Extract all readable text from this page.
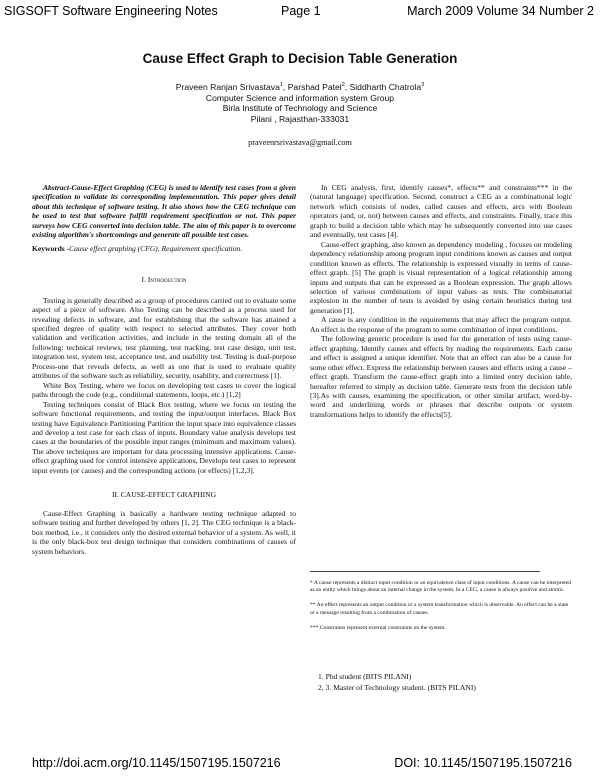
SIGSOFT Software Engineering Notes	Page 1	March 2009 Volume 34 Number 2
Cause Effect Graph to Decision Table Generation
Praveen Ranjan Srivastava$^1$, Parshad Patel$^2$, Siddharth Chatrola$^3$
Computer Science and information system Group
Birla Institute of Technology and Science
Pilani , Rajasthan-333031
praveenrsrivastava@gmail.com

Abstract-Cause-Effect Graphing (CEG) is used to identify test cases from a given specification to validate its corresponding implementation. This paper gives detail about this technique of software testing. It also shows how the CEG technique can be used to test that software fulfill requirement specification or not. This paper surveys how CEG converted into decision table. The aim of this paper is to overcome existing algorithm's shortcomings and generate all possible test cases.

Keywords -Cause effect graphing (CFG), Requirement specification.

I. Introduction

Testing is generally described as a group of procedures carried out to evaluate some aspect of a piece of software. Also Testing can be described as a process used for revealing defects in software, and for establishing that the software has attained a specified degree of quality with respect to selected attributes. They cover both validation and verification activities, and include in the testing domain all of the following: technical reviews, test planning, test tracking, test case design, unit test, integration test, system test, acceptance test, and usability test. Testing is dual-purpose Process-one that reveals defects, as well as one that is used to evaluate quality attributes of the software such as reliability, security, usability, and correctness [1].

White Box Testing, where we focus on developing test cases to cover the logical paths through the code (e.g., conditional statements, loops, etc.) [1,2]

Testing techniques consist of Black Box testing, where we focus on testing the software functional requirements, and testing the input/output interfaces. Black Box testing have Equivalence Partitioning Partition the input space into equivalence classes and develop a test case for each class of inputs. Boundary value analysis develops test cases at the boundaries of the possible input ranges (minimum and maximum values). The above techniques are important for data processing intensive applications. Cause-effect graphing used for control intensive applications, Develops test cases to represent input events (or causes) and the corresponding actions (or effects) [1,2,3].

II. CAUSE-EFFECT GRAPHING

Cause-Effect Graphing is basically a hardware testing technique adapted to software testing and further developed by others [1, 2]. The CEG technique is a black-box method, i.e., it considers only the desired external behavior of a system. As well, it is the only black-box test design technique that considers combinations of causes of system behaviors.

In CEG analysis, first, identify causes*, effects** and constraints*** in the (natural language) specification. Second, construct a CEG as a combinational logic network which consists of nodes, called causes and effects, arcs with Boolean operators (and, or, not) between causes and effects, and constraints. Finally, trace this graph to build a decision table which may be subsequently converted into use cases and eventually, test cases [4].

Cause-effect graphing, also known as dependency modeling , focuses on modeling dependency relationship among program input conditions known as causes and output condition known as effects. The relationship is expressed visually in terms of cause-effect graph. [5] The graph is visual representation of a logical relationship among inputs and outputs that can be expressed as a Boolean expression. The graph allows selection of various combinations of input values as tests. The combinatorial explosion in the number of tests is avoided by using certain heuristics during test generation [1].

A cause is any condition in the requirements that may affect the program output. An effect is the response of the program to some combination of input conditions.

The following generic procedure is used for the generation of tests using cause-effect graphing. Identify causes and effects by reading the requirements. Each cause and effect is assigned a unique identifier. Note that an effect can also be a cause for some other effect. Express the relationship between causes and effects using a cause –effect graph. Transform the cause-effect graph into a limited entry decision table, hereafter referred to simply as decision table. Generate tests from the decision table [3].As with causes, examining the specification, or other similar artifact, word-by-word and underlining words or phrases that describe outputs or system transformations helps to identify the effects[5].

* A cause represents a distinct input condition or an equivalence class of input conditions. A cause can be interpreted as an entity which brings about an internal change in the system. In a CEG, a cause is always positive and atomic.

** An effect represents an output condition or a system transformation which is observable. An effect can be a state or a message resulting from a combination of causes.

*** Constraints represent external constraints on the system.

1. Phd student (BITS PILANI)
2, 3. Master of Technology student. (BITS PILANI)
http://doi.acm.org/10.1145/1507195.1507216	DOI: 10.1145/1507195.1507216
